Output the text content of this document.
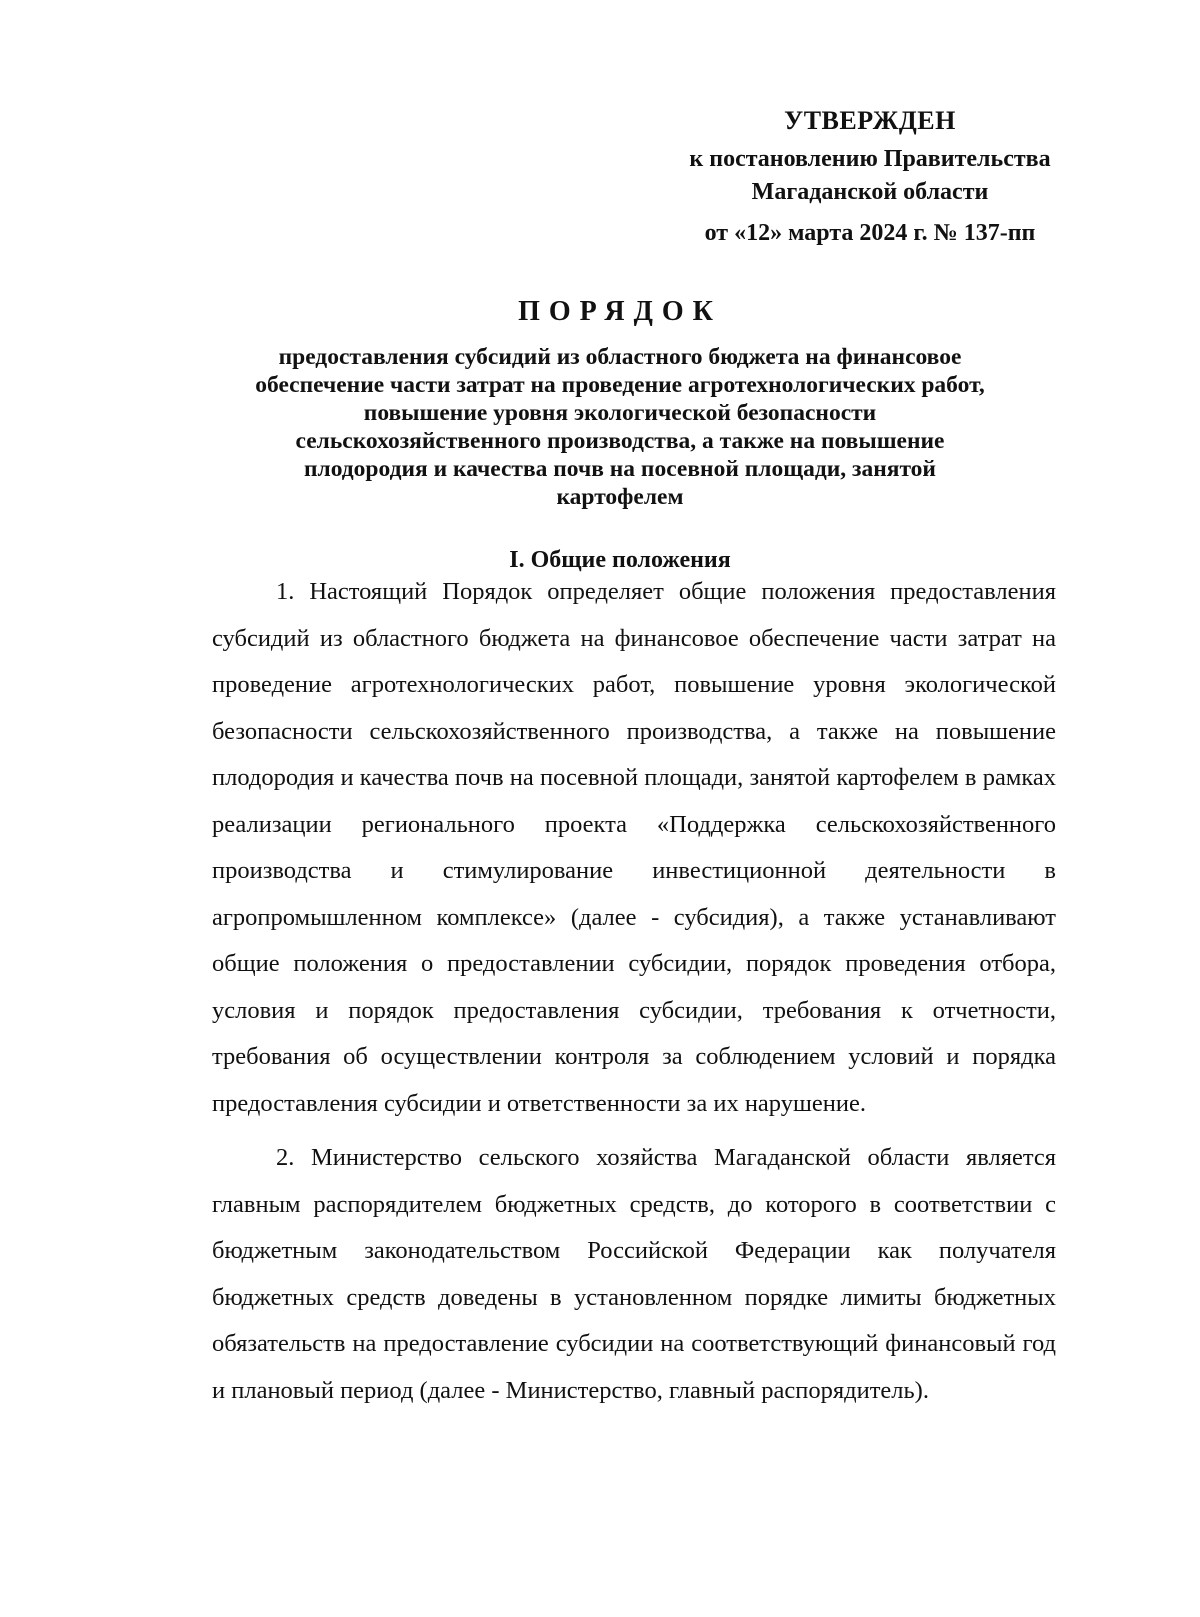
УТВЕРЖДЕН
к постановлению Правительства
Магаданской области
от «12» марта 2024 г. № 137-пп
ПОРЯДОК
предоставления субсидий из областного бюджета на финансовое
обеспечение части затрат на проведение агротехнологических работ,
повышение уровня экологической безопасности
сельскохозяйственного производства, а также на повышение
плодородия и качества почв на посевной площади, занятой
картофелем
I. Общие положения

1. Настоящий Порядок определяет общие положения предоставления субсидий из областного бюджета на финансовое обеспечение части затрат на проведение агротехнологических работ, повышение уровня экологической безопасности сельскохозяйственного производства, а также на повышение плодородия и качества почв на посевной площади, занятой картофелем в рамках реализации регионального проекта «Поддержка сельскохозяйственного производства и стимулирование инвестиционной деятельности в агропромышленном комплексе» (далее - субсидия), а также устанавливают общие положения о предоставлении субсидии, порядок проведения отбора, условия и порядок предоставления субсидии, требования к отчетности, требования об осуществлении контроля за соблюдением условий и порядка предоставления субсидии и ответственности за их нарушение.

2. Министерство сельского хозяйства Магаданской области является главным распорядителем бюджетных средств, до которого в соответствии с бюджетным законодательством Российской Федерации как получателя бюджетных средств доведены в установленном порядке лимиты бюджетных обязательств на предоставление субсидии на соответствующий финансовый год и плановый период (далее - Министерство, главный распорядитель).
